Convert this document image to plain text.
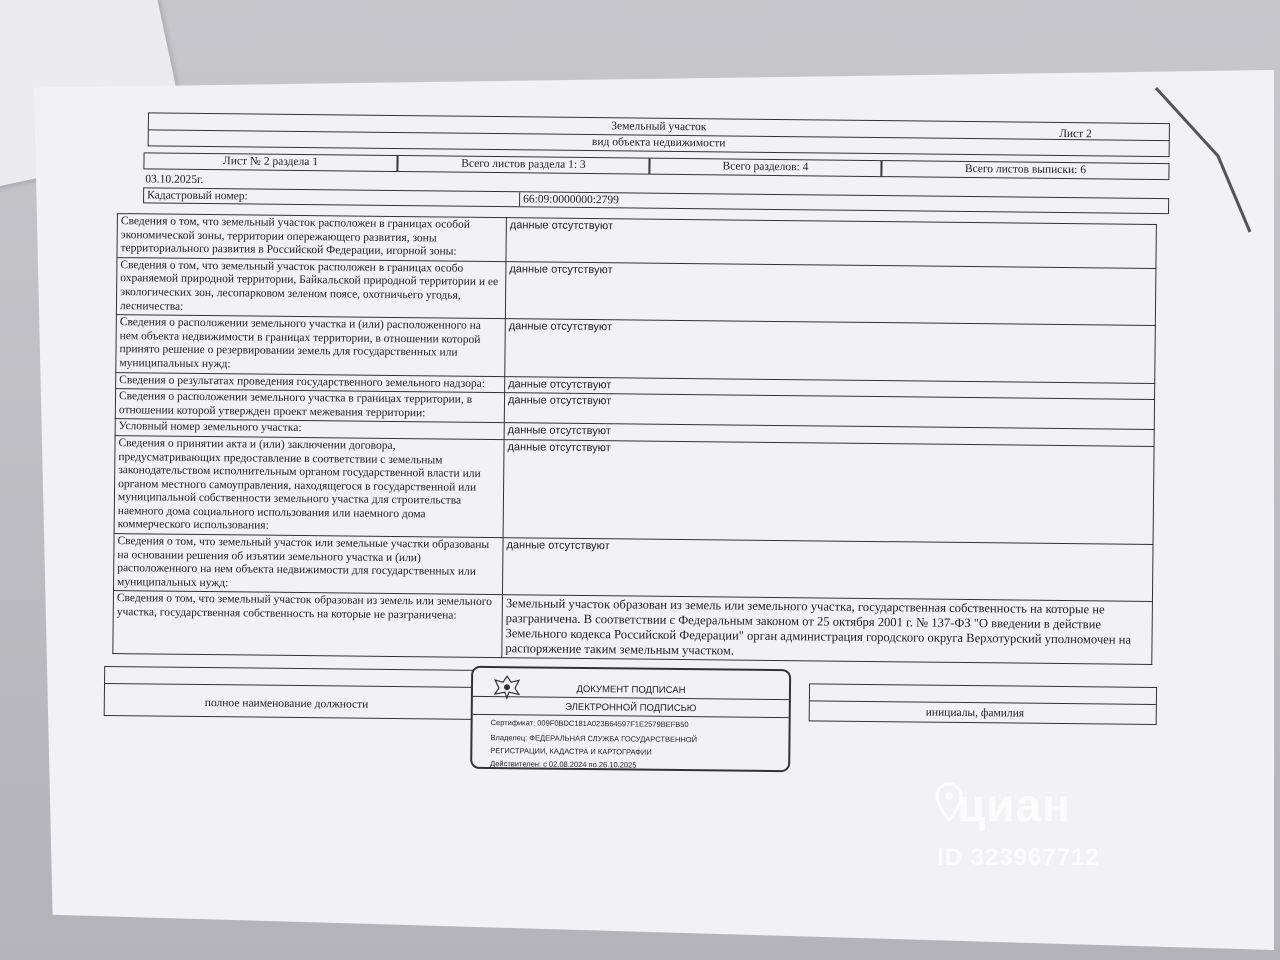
Лист 2
Земельный участок
вид объекта недвижимости
Лист № 2 раздела 1	Всего листов раздела 1: 3	Всего разделов: 4	Всего листов выписки: 6
03.10.2025г.
Кадастровый номер:	66:09:0000000:2799
Сведения о том, что земельный участок расположен в границах особой экономической зоны, территории опережающего развития, зоны территориального развития в Российской Федерации, игорной зоны:	данные отсутствуют
Сведения о том, что земельный участок расположен в границах особо охраняемой природной территории, Байкальской природной территории и ее экологических зон, лесопарковом зеленом поясе, охотничьего угодья, лесничества:	данные отсутствуют
Сведения о расположении земельного участка и (или) расположенного на нем объекта недвижимости в границах территории, в отношении которой принято решение о резервировании земель для государственных или муниципальных нужд:	данные отсутствуют
Сведения о результатах проведения государственного земельного надзора:	данные отсутствуют
Сведения о расположении земельного участка в границах территории, в отношении которой утвержден проект межевания территории:	данные отсутствуют
Условный номер земельного участка:	данные отсутствуют
Сведения о принятии акта и (или) заключении договора, предусматривающих предоставление в соответствии с земельным законодательством исполнительным органом государственной власти или органом местного самоуправления, находящегося в государственной или муниципальной собственности земельного участка для строительства наемного дома социального использования или наемного дома коммерческого использования:	данные отсутствуют
Сведения о том, что земельный участок или земельные участки образованы на основании решения об изъятии земельного участка и (или) расположенного на нем объекта недвижимости для государственных или муниципальных нужд:	данные отсутствуют
Сведения о том, что земельный участок образован из земель или земельного участка, государственная собственность на которые не разграничена:	Земельный участок образован из земель или земельного участка, государственная собственность на которые не разграничена. В соответствии с Федеральным законом от 25 октября 2001 г. № 137-ФЗ "О введении в действие Земельного кодекса Российской Федерации" орган администрация городского округа Верхотурский уполномочен на распоряжение таким земельным участком.
полное наименование должности
инициалы, фамилия
ДОКУМЕНТ ПОДПИСАН
ЭЛЕКТРОННОЙ ПОДПИСЬЮ
Сертификат: 009F0BDC181A023B64597F1E2579BEFB50
Владелец: ФЕДЕРАЛЬНАЯ СЛУЖБА ГОСУДАРСТВЕННОЙ
РЕГИСТРАЦИИ, КАДАСТРА И КАРТОГРАФИИ
Действителен: с 02.08.2024 по 26.10.2025
циан
ID 323967712
